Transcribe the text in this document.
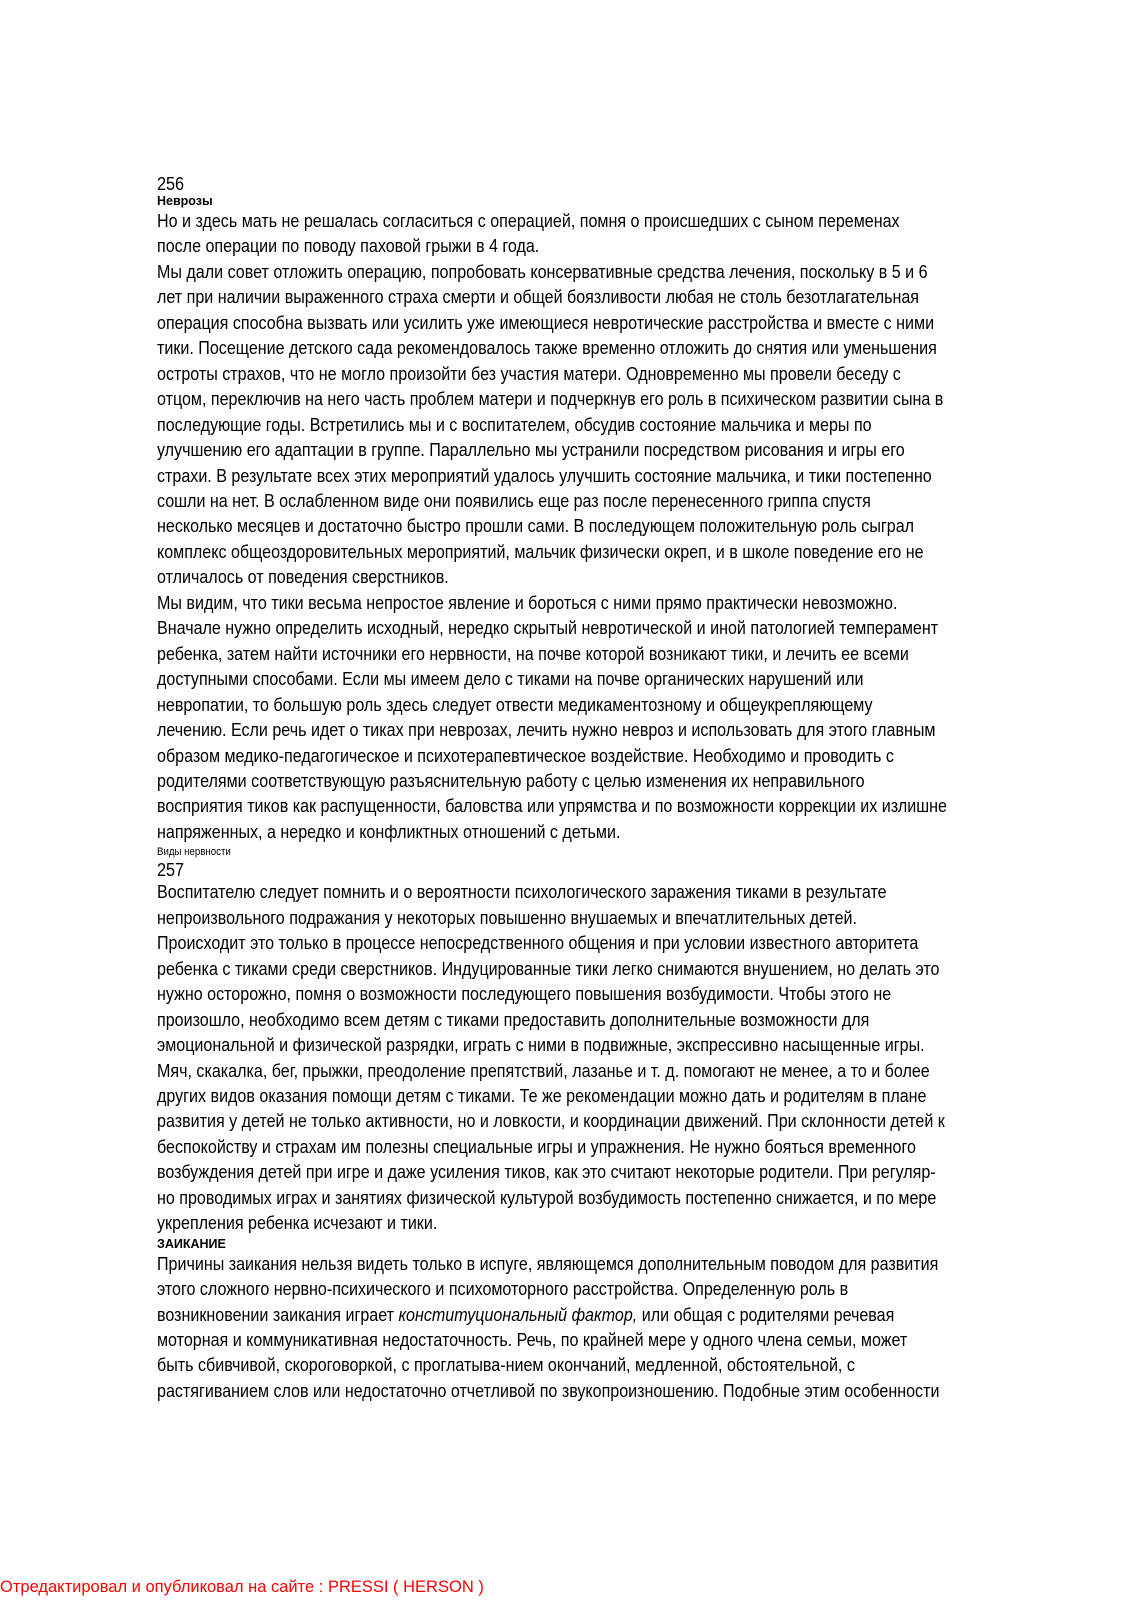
256

Неврозы

Но и здесь мать не решалась согласиться с операцией, помня о происшедших с сыном переменах
после операции по поводу паховой грыжи в 4 года.
Мы дали совет отложить операцию, попробовать консервативные средства лечения, поскольку в 5 и 6
лет при наличии выраженного страха смерти и общей боязливости любая не столь безотлагательная
операция способна вызвать или усилить уже имеющиеся невротические расстройства и вместе с ними
тики. Посещение детского сада рекомендовалось также временно отложить до снятия или уменьшения
остроты страхов, что не могло произойти без участия матери. Одновременно мы провели беседу с
отцом, переключив на него часть проблем матери и подчеркнув его роль в психическом развитии сына в
последующие годы. Встретились мы и с воспитателем, обсудив состояние мальчика и меры по
улучшению его адаптации в группе. Параллельно мы устранили посредством рисования и игры его
страхи. В результате всех этих мероприятий удалось улучшить состояние мальчика, и тики постепенно
сошли на нет. В ослабленном виде они появились еще раз после перенесенного гриппа спустя
несколько месяцев и достаточно быстро прошли сами. В последующем положительную роль сыграл
комплекс общеоздоровительных мероприятий, мальчик физически окреп, и в школе поведение его не
отличалось от поведения сверстников.
Мы видим, что тики весьма непростое явление и бороться с ними прямо практически невозможно.
Вначале нужно определить исходный, нередко скрытый невротической и иной патологией темперамент
ребенка, затем найти источники его нервности, на почве которой возникают тики, и лечить ее всеми
доступными способами. Если мы имеем дело с тиками на почве органических нарушений или
невропатии, то большую роль здесь следует отвести медикаментозному и общеукрепляющему
лечению. Если речь идет о тиках при неврозах, лечить нужно невроз и использовать для этого главным
образом медико-педагогическое и психотерапевтическое воздействие. Необходимо и проводить с
родителями соответствующую разъяснительную работу с целью изменения их неправильного
восприятия тиков как распущенности, баловства или упрямства и по возможности коррекции их излишне
напряженных, а нередко и конфликтных отношений с детьми.

Виды нервности

257

Воспитателю следует помнить и о вероятности психологического заражения тиками в результате
непроизвольного подражания у некоторых повышенно внушаемых и впечатлительных детей.
Происходит это только в процессе непосредственного общения и при условии известного авторитета
ребенка с тиками среди сверстников. Индуцированные тики легко снимаются внушением, но делать это
нужно осторожно, помня о возможности последующего повышения возбудимости. Чтобы этого не
произошло, необходимо всем детям с тиками предоставить дополнительные возможности для
эмоциональной и физической разрядки, играть с ними в подвижные, экспрессивно насыщенные игры.
Мяч, скакалка, бег, прыжки, преодоление препятствий, лазанье и т. д. помогают не менее, а то и более
других видов оказания помощи детям с тиками. Те же рекомендации можно дать и родителям в плане
развития у детей не только активности, но и ловкости, и координации движений. При склонности детей к
беспокойству и страхам им полезны специальные игры и упражнения. Не нужно бояться временного
возбуждения детей при игре и даже усиления тиков, как это считают некоторые родители. При регуляр-
но проводимых играх и занятиях физической культурой возбудимость постепенно снижается, и по мере
укрепления ребенка исчезают и тики.

ЗАИКАНИЕ

Причины заикания нельзя видеть только в испуге, являющемся дополнительным поводом для развития
этого сложного нервно-психического и психомоторного расстройства. Определенную роль в
возникновении заикания играет конституциональный фактор, или общая с родителями речевая
моторная и коммуникативная недостаточность. Речь, по крайней мере у одного члена семьи, может
быть сбивчивой, скороговоркой, с проглатыва-нием окончаний, медленной, обстоятельной, с
растягиванием слов или недостаточно отчетливой по звукопроизношению. Подобные этим особенности
Отредактировал и опубликовал на сайте : PRESSI ( HERSON )
